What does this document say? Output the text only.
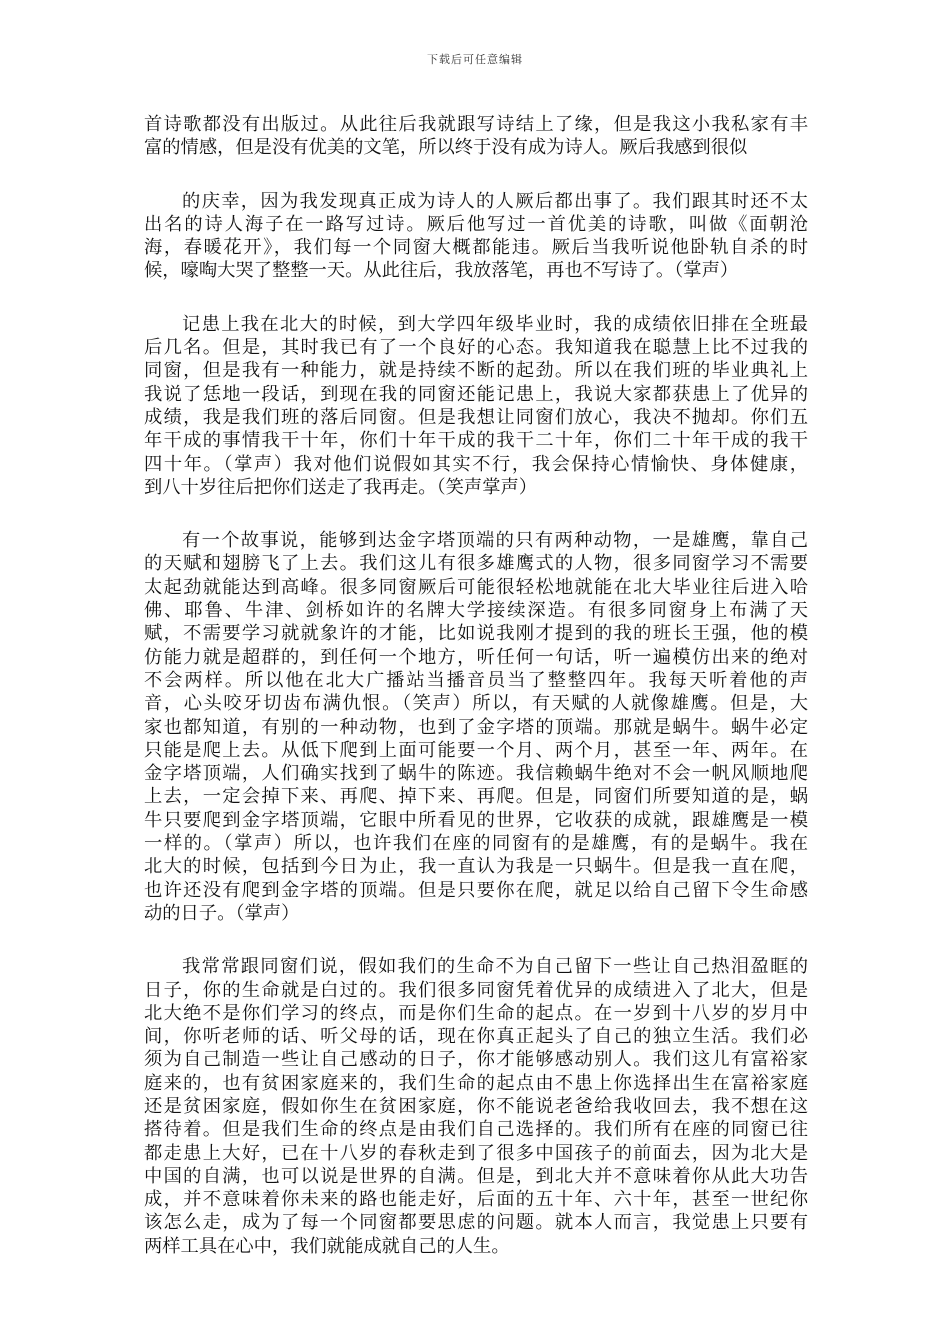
下载后可任意编辑
首诗歌都没有出版过。从此往后我就跟写诗结上了缘，但是我这小我私家有丰
富的情感，但是没有优美的文笔，所以终于没有成为诗人。厥后我感到很似
的庆幸，因为我发现真正成为诗人的人厥后都出事了。我们跟其时还不太
出名的诗人海子在一路写过诗。厥后他写过一首优美的诗歌，叫做《面朝沧
海，春暖花开》，我们每一个同窗大概都能违。厥后当我听说他卧轨自杀的时
候，嚎啕大哭了整整一天。从此往后，我放落笔，再也不写诗了。（掌声）
记患上我在北大的时候，到大学四年级毕业时，我的成绩依旧排在全班最
后几名。但是，其时我已有了一个良好的心态。我知道我在聪慧上比不过我的
同窗，但是我有一种能力，就是持续不断的起劲。所以在我们班的毕业典礼上
我说了恁地一段话，到现在我的同窗还能记患上，我说大家都获患上了优异的
成绩，我是我们班的落后同窗。但是我想让同窗们放心，我决不抛却。你们五
年干成的事情我干十年，你们十年干成的我干二十年，你们二十年干成的我干
四十年。（掌声）我对他们说假如其实不行，我会保持心情愉快、身体健康，
到八十岁往后把你们送走了我再走。（笑声掌声）
有一个故事说，能够到达金字塔顶端的只有两种动物，一是雄鹰，靠自己
的天赋和翅膀飞了上去。我们这儿有很多雄鹰式的人物，很多同窗学习不需要
太起劲就能达到高峰。很多同窗厥后可能很轻松地就能在北大毕业往后进入哈
佛、耶鲁、牛津、剑桥如许的名牌大学接续深造。有很多同窗身上布满了天
赋，不需要学习就就象许的才能，比如说我刚才提到的我的班长王强，他的模
仿能力就是超群的，到任何一个地方，听任何一句话，听一遍模仿出来的绝对
不会两样。所以他在北大广播站当播音员当了整整四年。我每天听着他的声
音，心头咬牙切齿布满仇恨。（笑声）所以，有天赋的人就像雄鹰。但是，大
家也都知道，有别的一种动物，也到了金字塔的顶端。那就是蜗牛。蜗牛必定
只能是爬上去。从低下爬到上面可能要一个月、两个月，甚至一年、两年。在
金字塔顶端，人们确实找到了蜗牛的陈迹。我信赖蜗牛绝对不会一帆风顺地爬
上去，一定会掉下来、再爬、掉下来、再爬。但是，同窗们所要知道的是，蜗
牛只要爬到金字塔顶端，它眼中所看见的世界，它收获的成就，跟雄鹰是一模
一样的。（掌声）所以，也许我们在座的同窗有的是雄鹰，有的是蜗牛。我在
北大的时候，包括到今日为止，我一直认为我是一只蜗牛。但是我一直在爬，
也许还没有爬到金字塔的顶端。但是只要你在爬，就足以给自己留下令生命感
动的日子。（掌声）
我常常跟同窗们说，假如我们的生命不为自己留下一些让自己热泪盈眶的
日子，你的生命就是白过的。我们很多同窗凭着优异的成绩进入了北大，但是
北大绝不是你们学习的终点，而是你们生命的起点。在一岁到十八岁的岁月中
间，你听老师的话、听父母的话，现在你真正起头了自己的独立生活。我们必
须为自己制造一些让自己感动的日子，你才能够感动别人。我们这儿有富裕家
庭来的，也有贫困家庭来的，我们生命的起点由不患上你选择出生在富裕家庭
还是贫困家庭，假如你生在贫困家庭，你不能说老爸给我收回去，我不想在这
搭待着。但是我们生命的终点是由我们自己选择的。我们所有在座的同窗已往
都走患上大好，已在十八岁的春秋走到了很多中国孩子的前面去，因为北大是
中国的自满，也可以说是世界的自满。但是，到北大并不意味着你从此大功告
成，并不意味着你未来的路也能走好，后面的五十年、六十年，甚至一世纪你
该怎么走，成为了每一个同窗都要思虑的问题。就本人而言，我觉患上只要有
两样工具在心中，我们就能成就自己的人生。
